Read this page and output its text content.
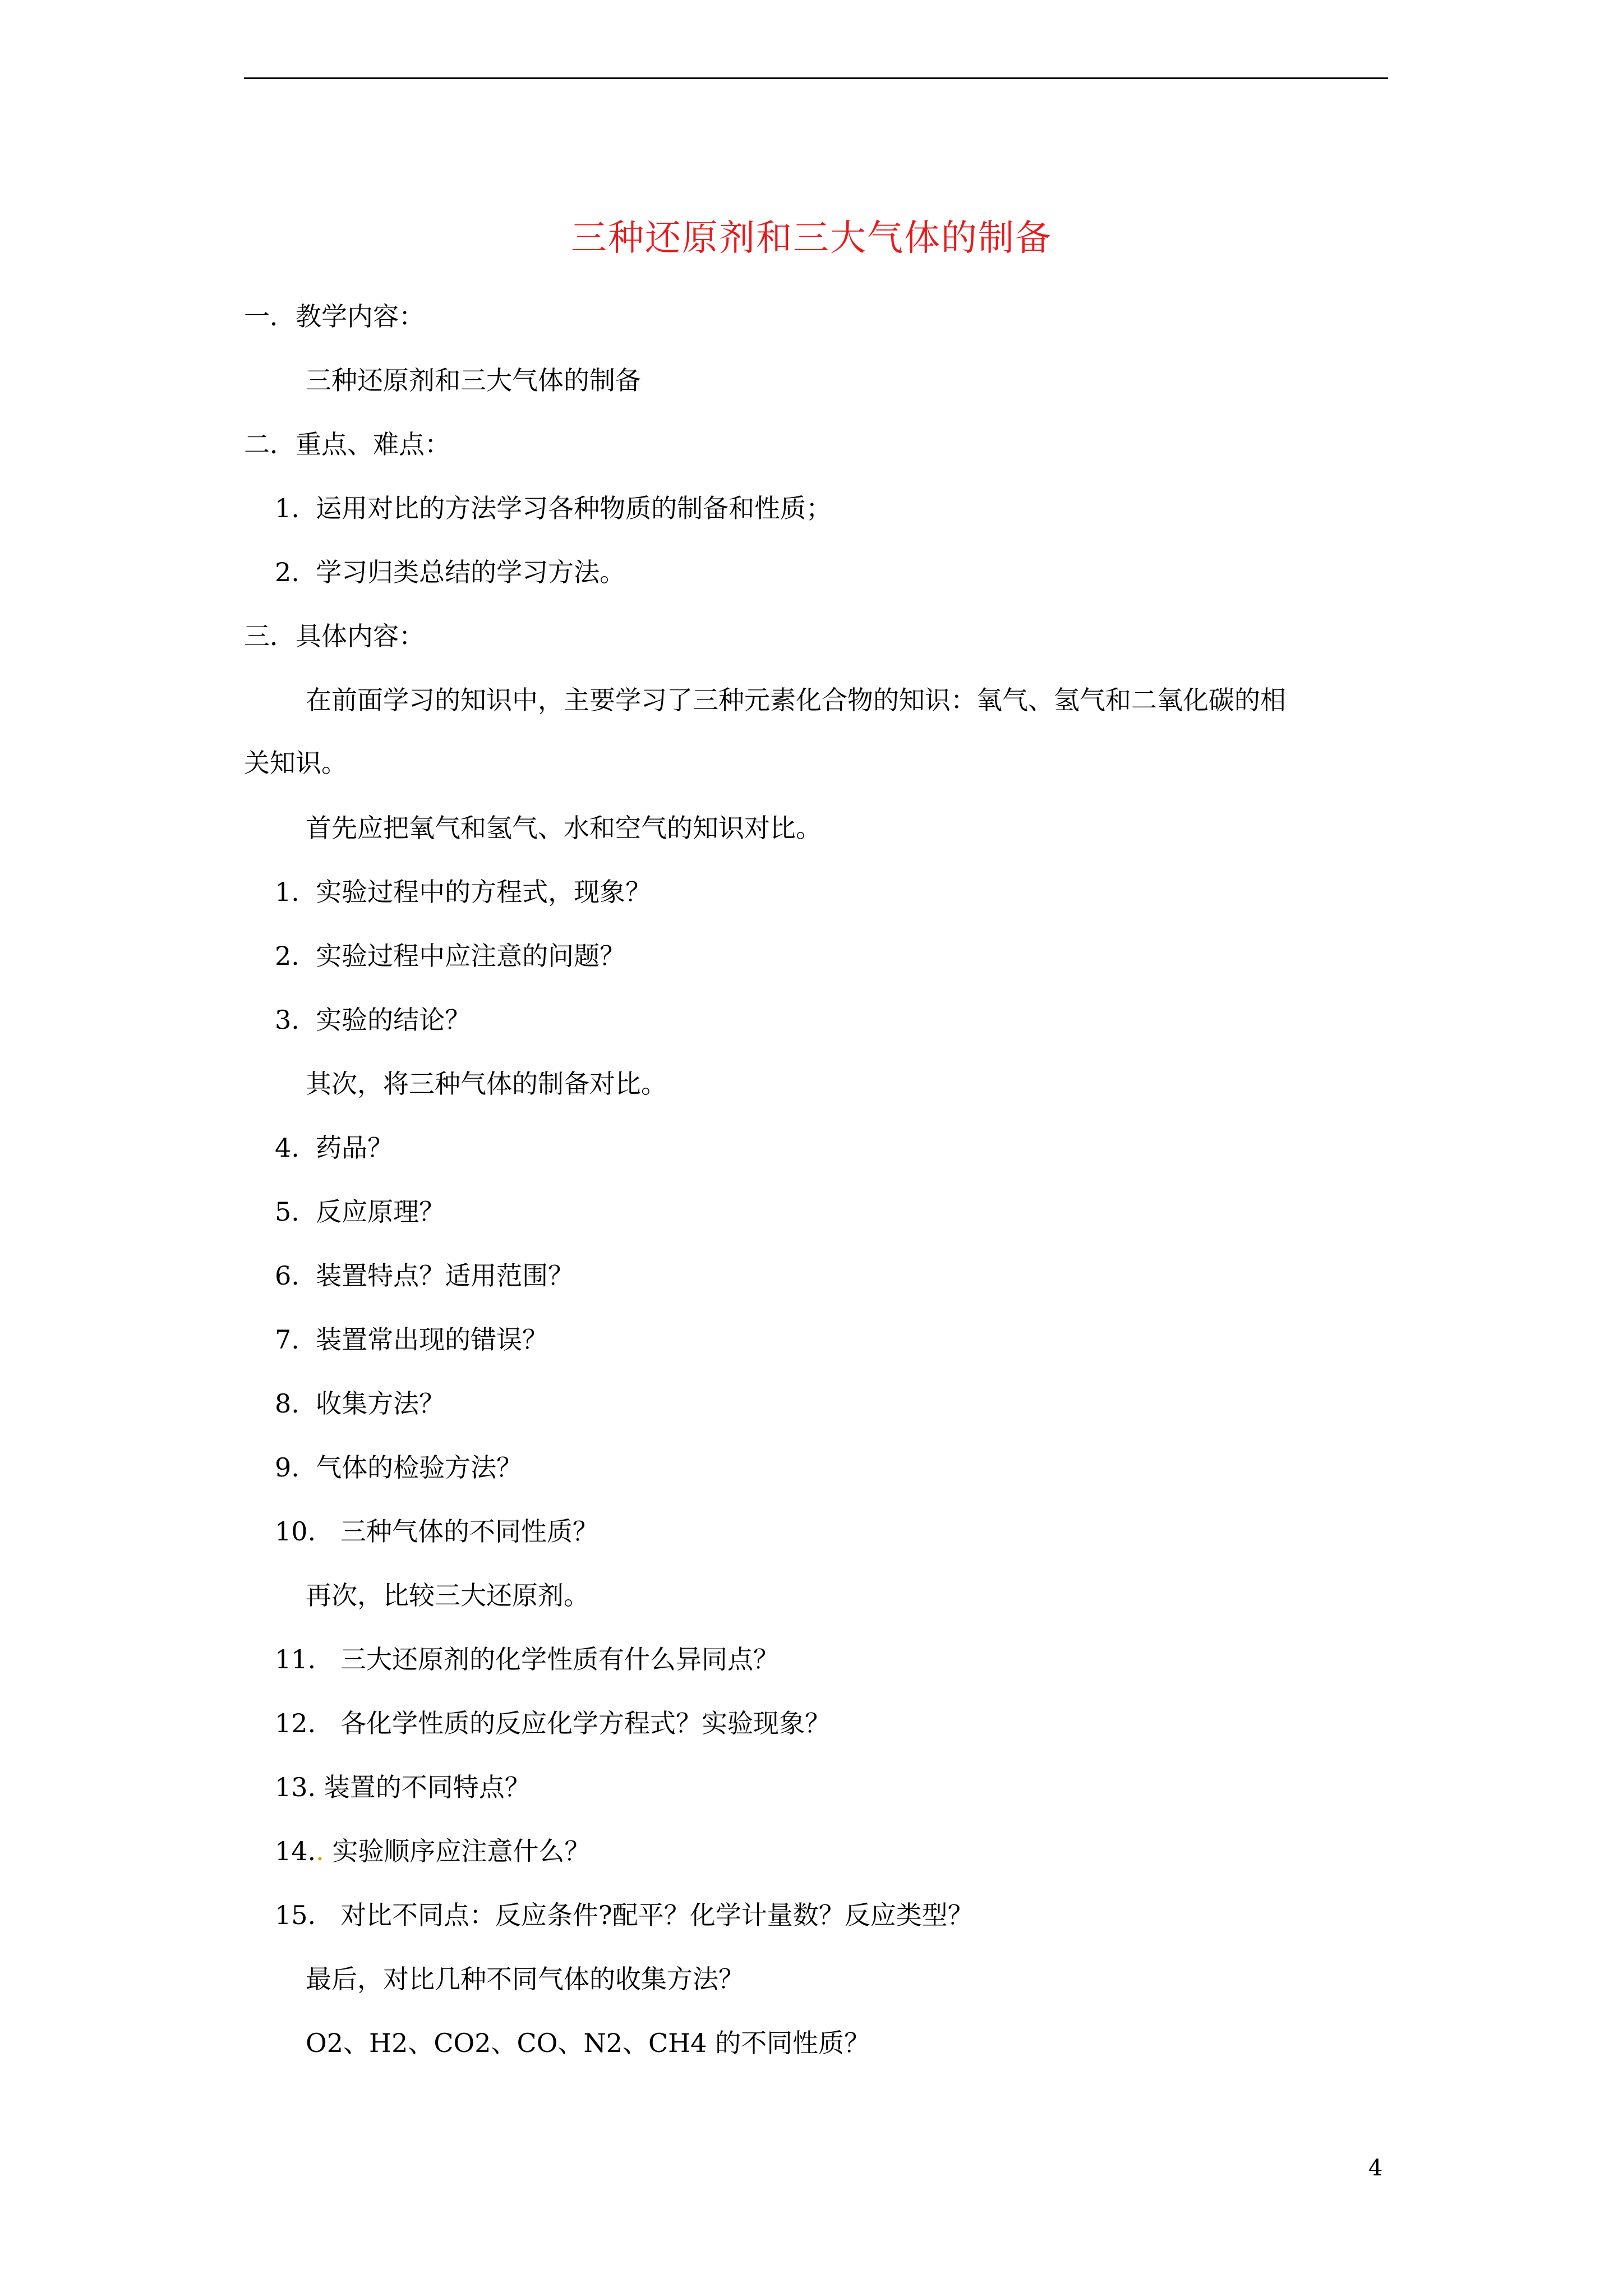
三种还原剂和三大气体的制备
一．教学内容：
三种还原剂和三大气体的制备
二．重点、难点：
1. 运用对比的方法学习各种物质的制备和性质；
2. 学习归类总结的学习方法。
三．具体内容：
在前面学习的知识中，主要学习了三种元素化合物的知识：氧气、氢气和二氧化碳的相
关知识。
首先应把氧气和氢气、水和空气的知识对比。
1. 实验过程中的方程式，现象？
2. 实验过程中应注意的问题？
3. 实验的结论？
其次，将三种气体的制备对比。
4. 药品？
5. 反应原理？
6. 装置特点？适用范围？
7. 装置常出现的错误？
8. 收集方法？
9. 气体的检验方法？
10. 三种气体的不同性质？
再次，比较三大还原剂。
11. 三大还原剂的化学性质有什么异同点？
12. 各化学性质的反应化学方程式？实验现象？
13. 装置的不同特点？
14.. 实验顺序应注意什么？
15. 对比不同点：反应条件?配平？化学计量数？反应类型？
最后，对比几种不同气体的收集方法？
O2、H2、CO2、CO、N2、CH4 的不同性质？
4
